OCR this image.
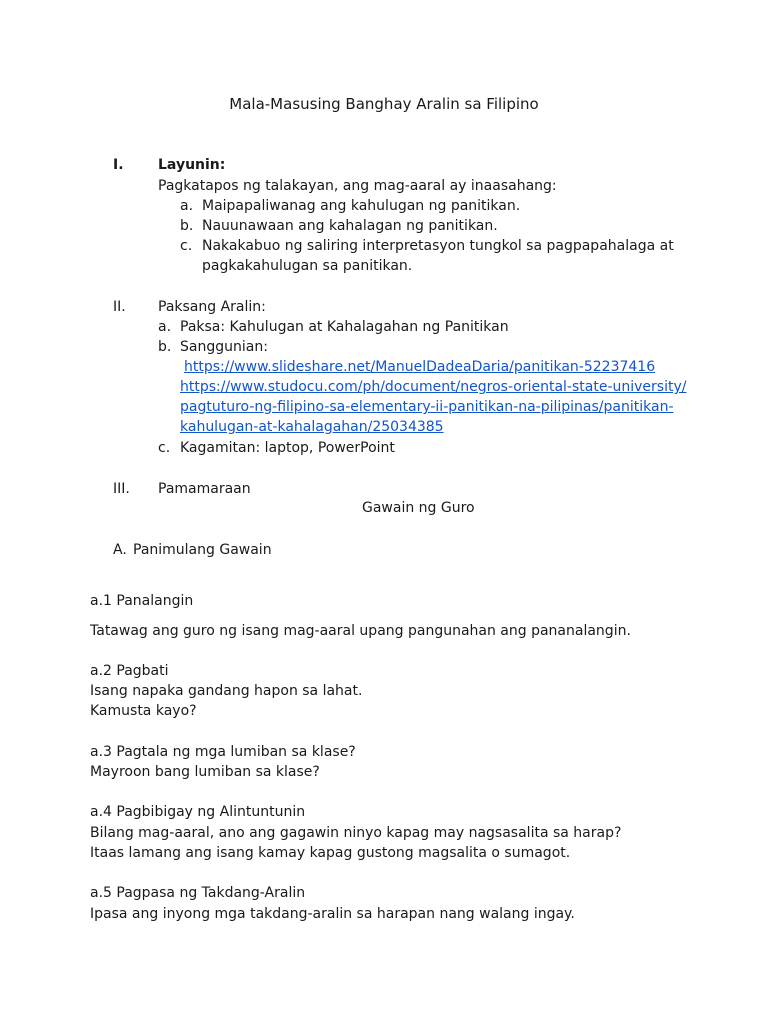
Mala-Masusing Banghay Aralin sa Filipino
I. Layunin:
Pagkatapos ng talakayan, ang mag-aaral ay inaasahang:
a. Maipapaliwanag ang kahulugan ng panitikan.
b. Nauunawaan ang kahalagan ng panitikan.
c. Nakakabuo ng saliring interpretasyon tungkol sa pagpapahalaga at
pagkakahulugan sa panitikan.
II. Paksang Aralin:
a. Paksa: Kahulugan at Kahalagahan ng Panitikan
b. Sanggunian:
https://www.slideshare.net/ManuelDadeaDaria/panitikan-52237416
https://www.studocu.com/ph/document/negros-oriental-state-university/
pagtuturo-ng-filipino-sa-elementary-ii-panitikan-na-pilipinas/panitikan-
kahulugan-at-kahalagahan/25034385
c. Kagamitan: laptop, PowerPoint
III. Pamamaraan
Gawain ng Guro
A. Panimulang Gawain
a.1 Panalangin
Tatawag ang guro ng isang mag-aaral upang pangunahan ang pananalangin.
a.2 Pagbati
Isang napaka gandang hapon sa lahat.
Kamusta kayo?
a.3 Pagtala ng mga lumiban sa klase?
Mayroon bang lumiban sa klase?
a.4 Pagbibigay ng Alintuntunin
Bilang mag-aaral, ano ang gagawin ninyo kapag may nagsasalita sa harap?
Itaas lamang ang isang kamay kapag gustong magsalita o sumagot.
a.5 Pagpasa ng Takdang-Aralin
Ipasa ang inyong mga takdang-aralin sa harapan nang walang ingay.
